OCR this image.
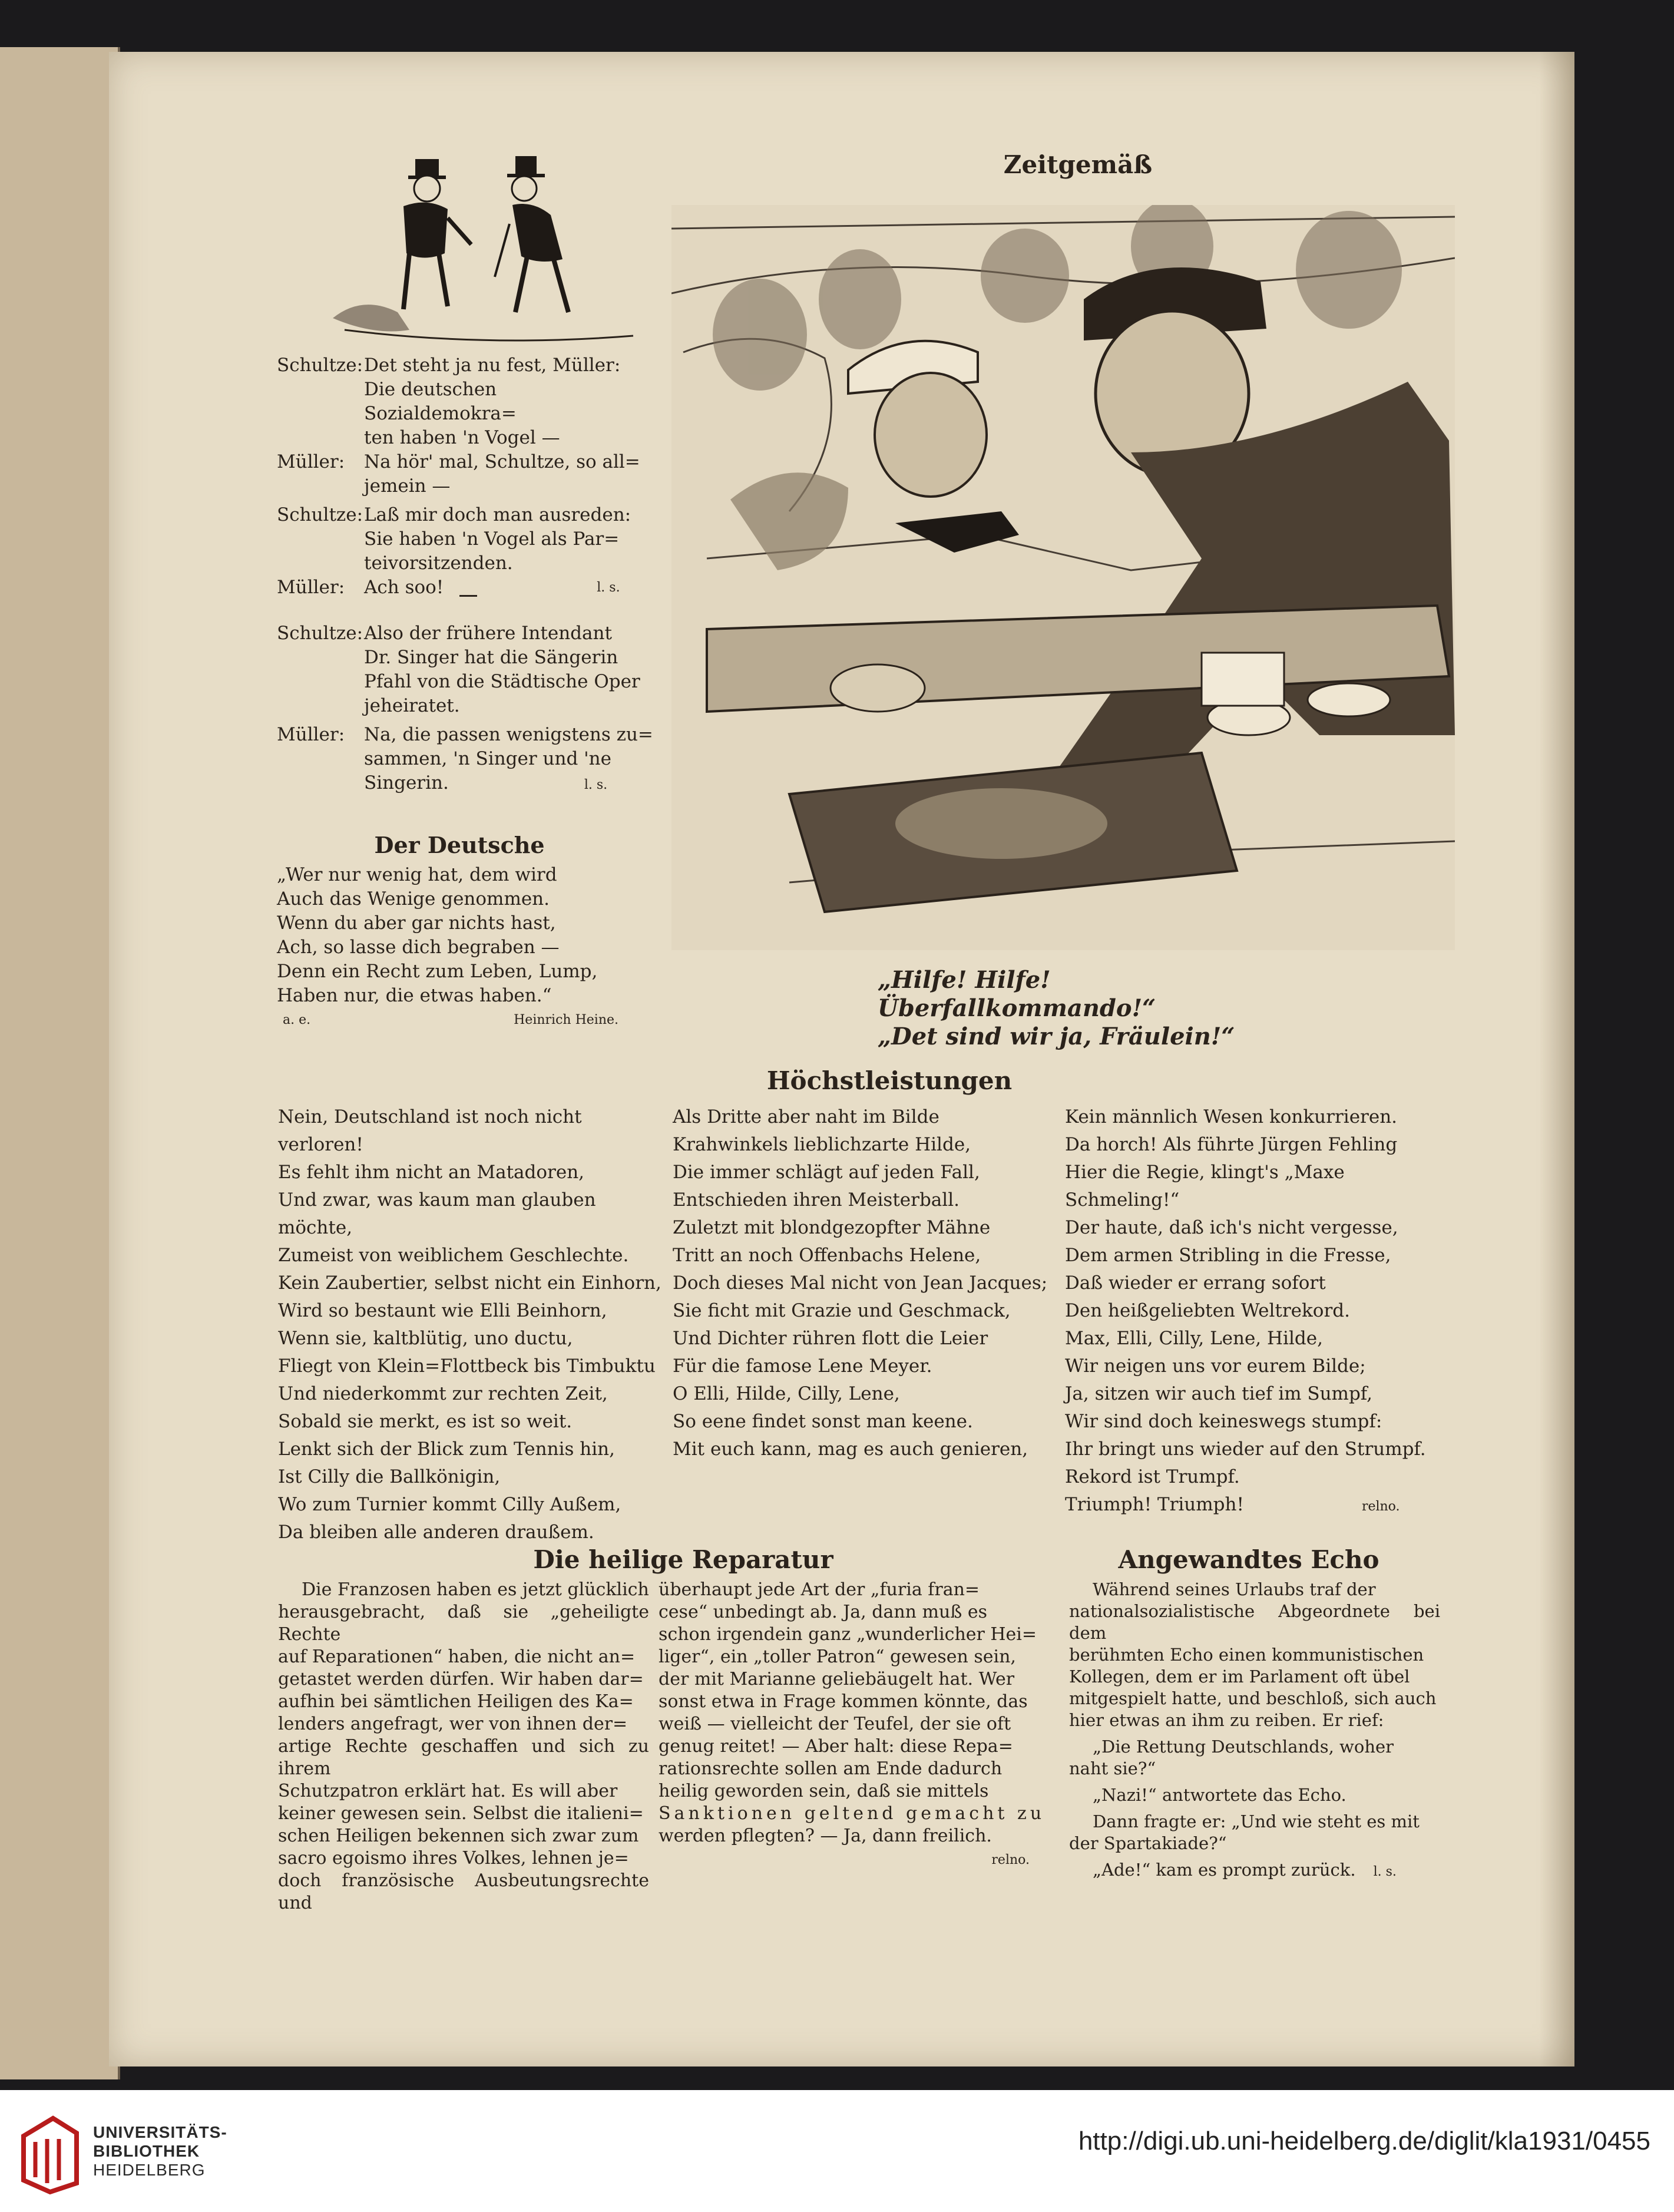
Schultze: Det steht ja nu fest, Müller:
Die deutschen Sozialdemokra=
ten haben 'n Vogel —
Müller:	Na hör' mal, Schultze, so all=
jemein —
Schultze: Laß mir doch man ausreden:
Sie haben 'n Vogel als Par=
teivorsitzenden.
Müller:	Ach soo!	l. s.
Schultze: Also der frühere Intendant
Dr. Singer hat die Sängerin
Pfahl von die Städtische Oper
jeheiratet.
Müller:	Na, die passen wenigstens zu=
sammen, 'n Singer und 'ne
Singerin.	l. s.
Der Deutsche
„Wer nur wenig hat, dem wird
Auch das Wenige genommen.
Wenn du aber gar nichts hast,
Ach, so lasse dich begraben —
Denn ein Recht zum Leben, Lump,
Haben nur, die etwas haben.“
a. e.	Heinrich Heine.
Zeitgemäß
„Hilfe! Hilfe! Überfallkommando!“
„Det sind wir ja, Fräulein!“
Höchstleistungen
Nein, Deutschland ist noch nicht verloren!
Es fehlt ihm nicht an Matadoren,
Und zwar, was kaum man glauben möchte,
Zumeist von weiblichem Geschlechte.
Kein Zaubertier, selbst nicht ein Einhorn,
Wird so bestaunt wie Elli Beinhorn,
Wenn sie, kaltblütig, uno ductu,
Fliegt von Klein=Flottbeck bis Timbuktu
Und niederkommt zur rechten Zeit,
Sobald sie merkt, es ist so weit.
Lenkt sich der Blick zum Tennis hin,
Ist Cilly die Ballkönigin,
Wo zum Turnier kommt Cilly Außem,
Da bleiben alle anderen draußem.
Als Dritte aber naht im Bilde
Krahwinkels lieblichzarte Hilde,
Die immer schlägt auf jeden Fall,
Entschieden ihren Meisterball.
Zuletzt mit blondgezopfter Mähne
Tritt an noch Offenbachs Helene,
Doch dieses Mal nicht von Jean Jacques;
Sie ficht mit Grazie und Geschmack,
Und Dichter rühren flott die Leier
Für die famose Lene Meyer.
O Elli, Hilde, Cilly, Lene,
So eene findet sonst man keene.
Mit euch kann, mag es auch genieren,
Kein männlich Wesen konkurrieren.
Da horch! Als führte Jürgen Fehling
Hier die Regie, klingt's „Maxe Schmeling!“
Der haute, daß ich's nicht vergesse,
Dem armen Stribling in die Fresse,
Daß wieder er errang sofort
Den heißgeliebten Weltrekord.
Max, Elli, Cilly, Lene, Hilde,
Wir neigen uns vor eurem Bilde;
Ja, sitzen wir auch tief im Sumpf,
Wir sind doch keineswegs stumpf:
Ihr bringt uns wieder auf den Strumpf.
Rekord ist Trumpf.
Triumph! Triumph!	relno.
Die heilige Reparatur
Die Franzosen haben es jetzt glücklich
herausgebracht, daß sie „geheiligte Rechte
auf Reparationen“ haben, die nicht an=
getastet werden dürfen. Wir haben dar=
aufhin bei sämtlichen Heiligen des Ka=
lenders angefragt, wer von ihnen der=
artige Rechte geschaffen und sich zu ihrem
Schutzpatron erklärt hat. Es will aber
keiner gewesen sein. Selbst die italieni=
schen Heiligen bekennen sich zwar zum
sacro egoismo ihres Volkes, lehnen je=
doch französische Ausbeutungsrechte und
überhaupt jede Art der „furia fran=
cese“ unbedingt ab. Ja, dann muß es
schon irgendein ganz „wunderlicher Hei=
liger“, ein „toller Patron“ gewesen sein,
der mit Marianne geliebäugelt hat. Wer
sonst etwa in Frage kommen könnte, das
weiß — vielleicht der Teufel, der sie oft
genug reitet! — Aber halt: diese Repa=
rationsrechte sollen am Ende dadurch
heilig geworden sein, daß sie mittels
Sanktionen geltend gemacht zu
werden pflegten? — Ja, dann freilich.
relno.
Angewandtes Echo
Während seines Urlaubs traf der
nationalsozialistische Abgeordnete bei dem
berühmten Echo einen kommunistischen
Kollegen, dem er im Parlament oft übel
mitgespielt hatte, und beschloß, sich auch
hier etwas an ihm zu reiben. Er rief:
„Die Rettung Deutschlands, woher
naht sie?“
„Nazi!“ antwortete das Echo.
Dann fragte er: „Und wie steht es mit
der Spartakiade?“
„Ade!“ kam es prompt zurück. l. s.
UNIVERSITÄTS-
BIBLIOTHEK
HEIDELBERG
http://digi.ub.uni-heidelberg.de/diglit/kla1931/0455
